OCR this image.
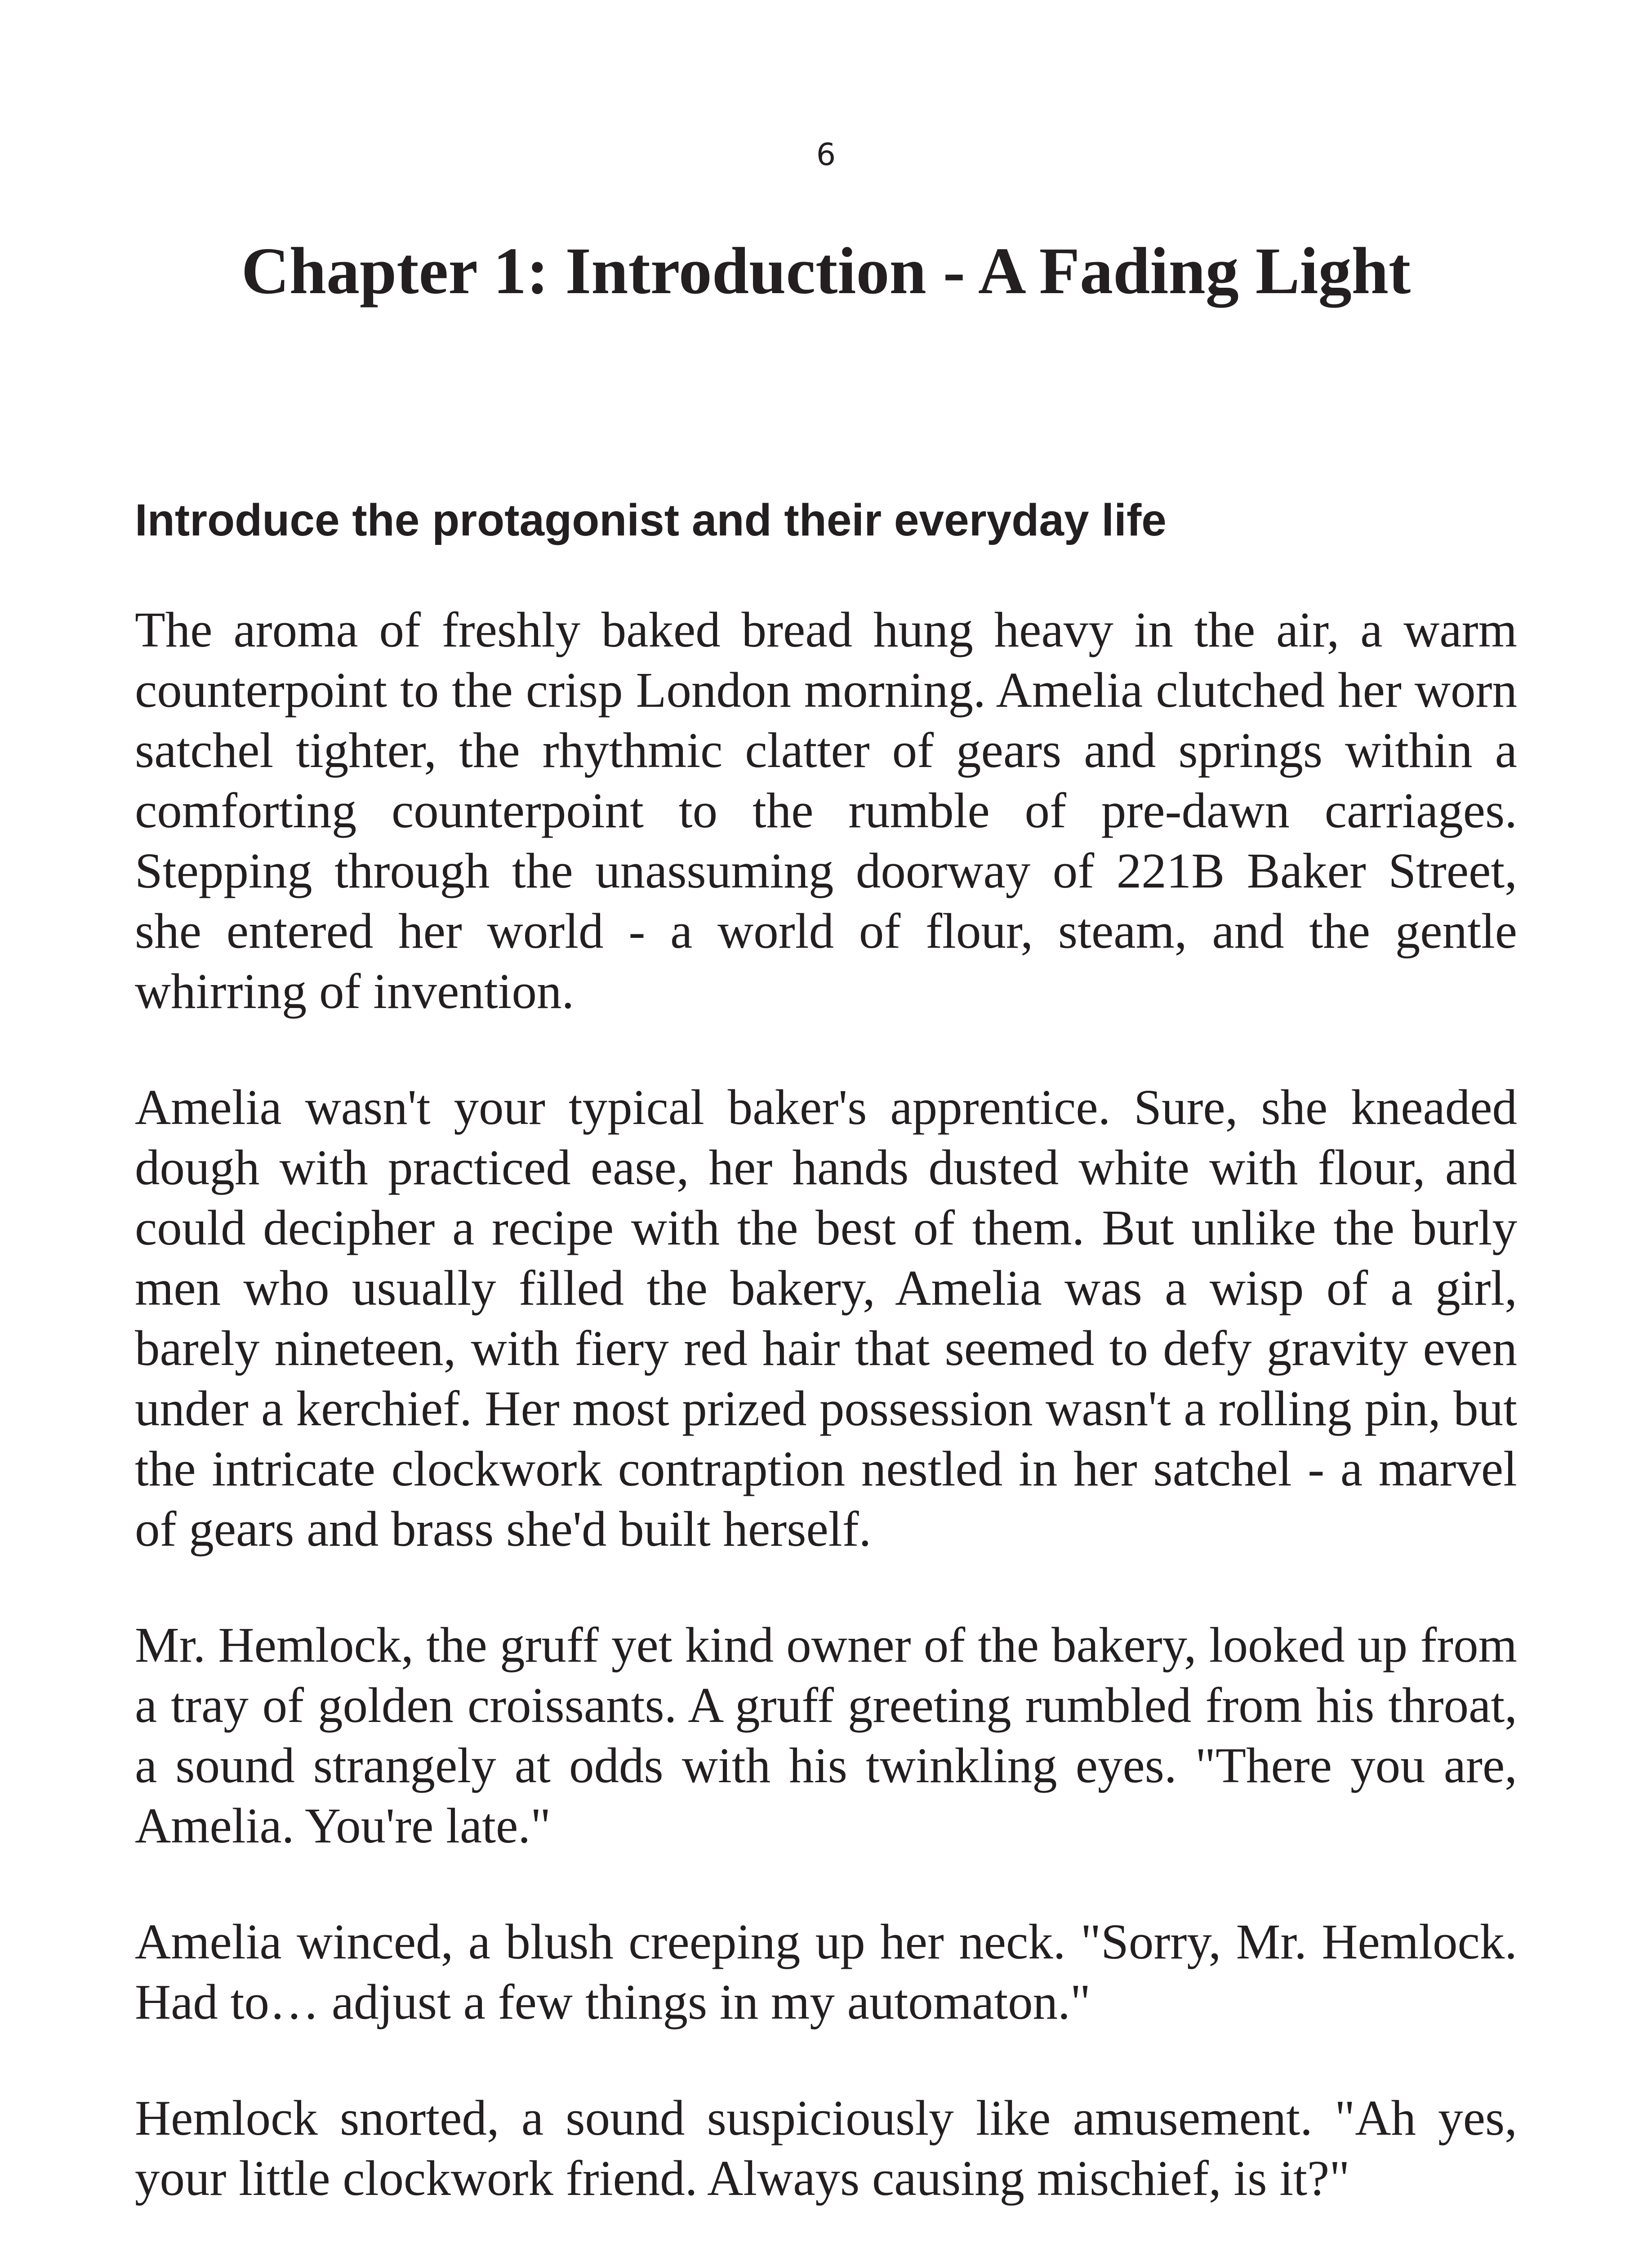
6
Chapter 1: Introduction - A Fading Light
Introduce the protagonist and their everyday life

The aroma of freshly baked bread hung heavy in the air, a warm counterpoint to the crisp London morning. Amelia clutched her worn satchel tighter, the rhythmic clatter of gears and springs within a comforting counterpoint to the rumble of pre-dawn carriages. Stepping through the unassuming doorway of 221B Baker Street, she entered her world - a world of flour, steam, and the gentle whirring of invention.

Amelia wasn't your typical baker's apprentice. Sure, she kneaded dough with practiced ease, her hands dusted white with flour, and could decipher a recipe with the best of them. But unlike the burly men who usually filled the bakery, Amelia was a wisp of a girl, barely nineteen, with fiery red hair that seemed to defy gravity even under a kerchief. Her most prized possession wasn't a rolling pin, but the intricate clockwork contraption nestled in her satchel - a marvel of gears and brass she'd built herself.

Mr. Hemlock, the gruff yet kind owner of the bakery, looked up from a tray of golden croissants. A gruff greeting rumbled from his throat, a sound strangely at odds with his twinkling eyes. "There you are, Amelia. You're late."

Amelia winced, a blush creeping up her neck. "Sorry, Mr. Hemlock. Had to… adjust a few things in my automaton."

Hemlock snorted, a sound suspiciously like amusement. "Ah yes, your little clockwork friend. Always causing mischief, is it?"
